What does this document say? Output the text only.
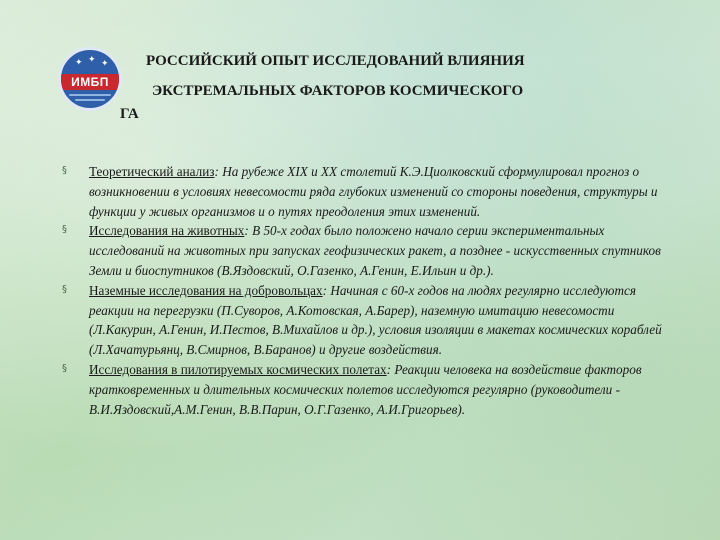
✦ ✦ ✦
ИМБП
РОССИЙСКИЙ ОПЫТ ИССЛЕДОВАНИЙ ВЛИЯНИЯ
ЭКСТРЕМАЛЬНЫХ ФАКТОРОВ КОСМИЧЕСКОГО
ГА
§ Теоретический анализ: На рубеже XIX и XX столетий К.Э.Циолковский сформулировал прогноз о возникновении в условиях невесомости ряда глубоких изменений со стороны поведения, структуры и функции у живых организмов и о путях преодоления этих изменений.
§ Исследования на животных: В 50-х годах было положено начало серии экспериментальных исследований на животных при запусках геофизических ракет, а позднее - искусственных спутников Земли и биоспутников (В.Яздовский, О.Газенко, А.Генин, Е.Ильин и др.).
§ Наземные исследования на добровольцах: Начиная с 60-х годов на людях регулярно исследуются реакции на перегрузки (П.Суворов, А.Котовская, А.Барер), наземную имитацию невесомости (Л.Какурин, А.Генин, И.Пестов, В.Михайлов и др.), условия изоляции в макетах космических кораблей (Л.Хачатурьянц, В.Смирнов, В.Баранов) и другие воздействия.
§ Исследования в пилотируемых космических полетах: Реакции человека на воздействие факторов кратковременных и длительных космических полетов исследуются регулярно (руководители - В.И.Яздовский,А.М.Генин, В.В.Парин, О.Г.Газенко, А.И.Григорьев).
